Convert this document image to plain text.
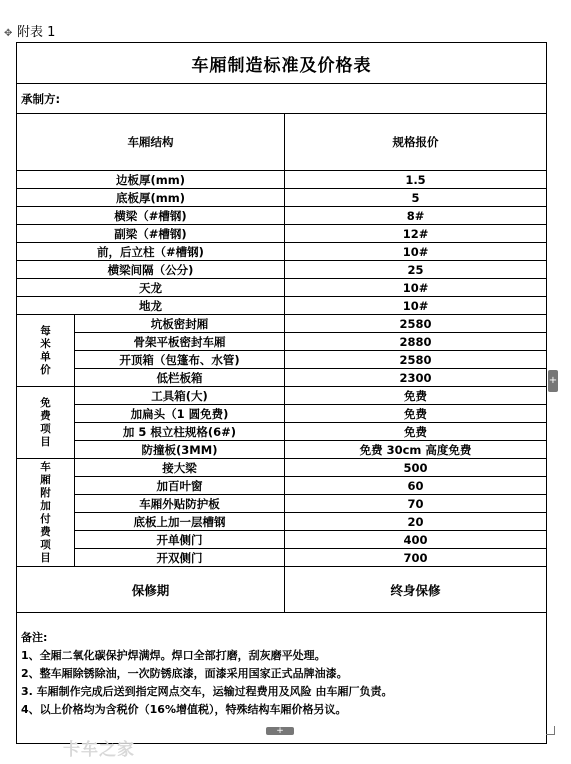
附表 1
✥
车厢制造标准及价格表		
承制方:		
车厢结构		规格报价
边板厚(mm)		1.5
底板厚(mm)		5
横梁（#槽钢)		8#
副梁（#槽钢)		12#
前，后立柱（#槽钢)		10#
横梁间隔（公分)		25
天龙		10#
地龙		10#

每米单价	坑板密封厢	2580
	骨架平板密封车厢	2880
	开顶箱（包篷布、水管)	2580
	低栏板箱	2300

免费项目	工具箱(大)	免费
	加扁头（1 圆免费)	免费
	加 5 根立柱规格(6#)	免费
	防撞板(3MM)	免费 30cm 高度免费

车厢附加付费项目	接大梁	500
	加百叶窗	60
	车厢外贴防护板	70
	底板上加一层槽钢	20
	开单侧门	400
	开双侧门	700
保修期		终身保修

备注:
1、全厢二氧化碳保护焊满焊。焊口全部打磨，刮灰磨平处理。
2、整车厢除锈除油，一次防锈底漆，面漆采用国家正式品牌油漆。
3. 车厢制作完成后送到指定网点交车，运输过程费用及风险 由车厢厂负责。
4、以上价格均为含税价（16%增值税），特殊结构车厢价格另议。		
+
+
卡车之家
